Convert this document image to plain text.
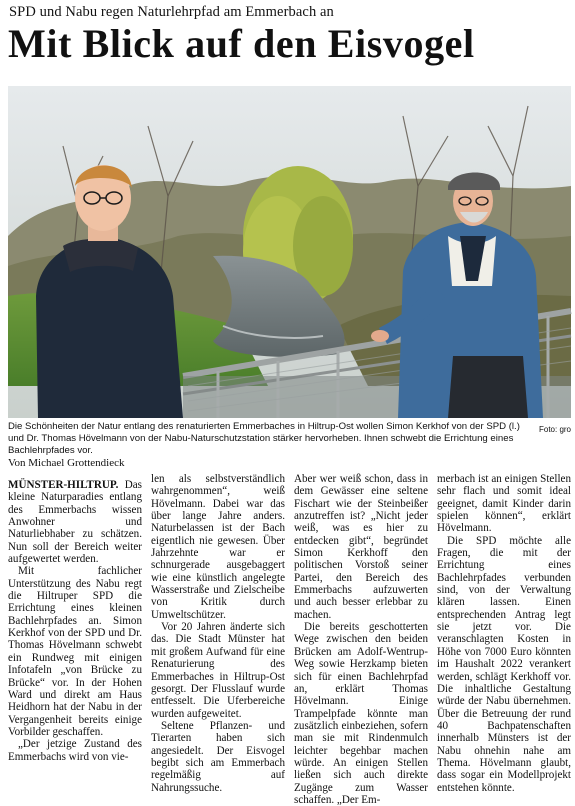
SPD und Nabu regen Naturlehrpfad am Emmerbach an
Mit Blick auf den Eisvogel
Foto: gro
Die Schönheiten der Natur entlang des renaturierten Emmerbaches in Hiltrup-Ost wollen Simon Kerkhof von der SPD (l.) und Dr. Thomas Hövelmann von der Nabu-Naturschutzstation stärker hervorheben. Ihnen schwebt die Errichtung eines Bachlehrpfades vor.
Von Michael Grottendieck

MÜNSTER-HILTRUP. Das kleine Naturparadies entlang des Emmerbachs wissen Anwohner und Naturliebhaber zu schätzen. Nun soll der Bereich weiter aufgewertet werden.

Mit fachlicher Unterstützung des Nabu regt die Hiltruper SPD die Errichtung eines kleinen Bachlehrpfades an. Simon Kerkhof von der SPD und Dr. Thomas Hövelmann schwebt ein Rundweg mit einigen Infotafeln „von Brücke zu Brücke“ vor. In der Hohen Ward und direkt am Haus Heidhorn hat der Nabu in der Vergangenheit bereits einige Vorbilder geschaffen.

„Der jetzige Zustand des Emmerbachs wird von vie-

len als selbstverständlich wahrgenommen“, weiß Hövelmann. Dabei war das über lange Jahre anders. Naturbelassen ist der Bach eigentlich nie gewesen. Über Jahrzehnte war er schnurgerade ausgebaggert wie eine künstlich angelegte Wasserstraße und Zielscheibe von Kritik durch Umweltschützer.

Vor 20 Jahren änderte sich das. Die Stadt Münster hat mit großem Aufwand für eine Renaturierung des Emmerbaches in Hiltrup-Ost gesorgt. Der Flusslauf wurde entfesselt. Die Uferbereiche wurden aufgeweitet.

Seltene Pflanzen- und Tierarten haben sich angesiedelt. Der Eisvogel begibt sich am Emmerbach regelmäßig auf Nahrungssuche.

Aber wer weiß schon, dass in dem Gewässer eine seltene Fischart wie der Steinbeißer anzutreffen ist? „Nicht jeder weiß, was es hier zu entdecken gibt“, begründet Simon Kerkhoff den politischen Vorstoß seiner Partei, den Bereich des Emmerbachs aufzuwerten und auch besser erlebbar zu machen.

Die bereits geschotterten Wege zwischen den beiden Brücken am Adolf-Wentrup-Weg sowie Herzkamp bieten sich für einen Bachlehrpfad an, erklärt Thomas Hövelmann. Einige Trampelpfade könnte man zusätzlich einbeziehen, sofern man sie mit Rindenmulch leichter begehbar machen würde. An einigen Stellen ließen sich auch direkte Zugänge zum Wasser schaffen. „Der Em-

merbach ist an einigen Stellen sehr flach und somit ideal geeignet, damit Kinder darin spielen können“, erklärt Hövelmann.

Die SPD möchte alle Fragen, die mit der Errichtung eines Bachlehrpfades verbunden sind, von der Verwaltung klären lassen. Einen entsprechenden Antrag legt sie jetzt vor. Die veranschlagten Kosten in Höhe von 7000 Euro könnten im Haushalt 2022 verankert werden, schlägt Kerkhoff vor. Die inhaltliche Gestaltung würde der Nabu übernehmen. Über die Betreuung der rund 40 Bachpatenschaften innerhalb Münsters ist der Nabu ohnehin nahe am Thema. Hövelmann glaubt, dass sogar ein Modellprojekt entstehen könnte.
